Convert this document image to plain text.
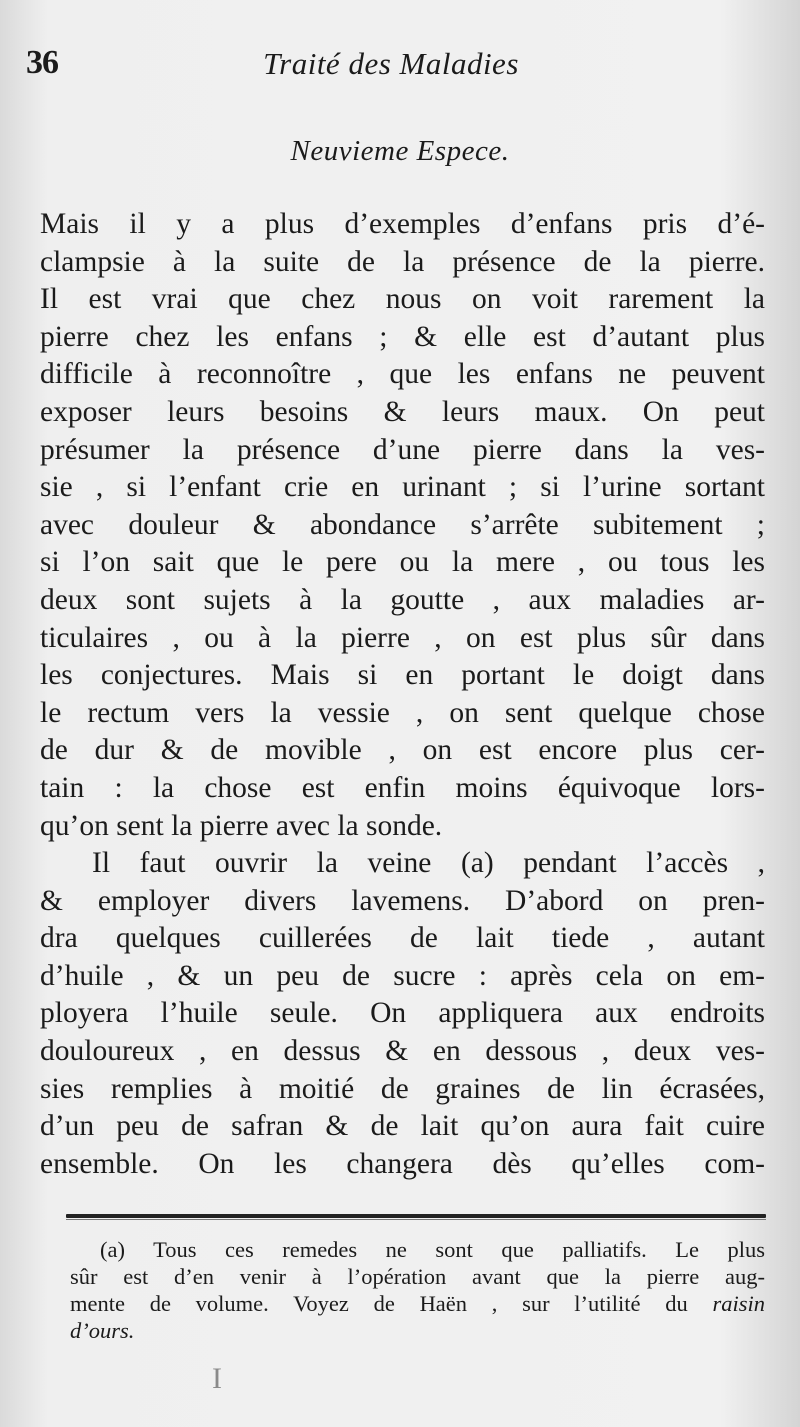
36	Traité des Maladies
Neuvieme Espece.
Mais il y a plus d’exemples d’enfans pris d’é-
clampsie à la suite de la présence de la pierre.
Il est vrai que chez nous on voit rarement la
pierre chez les enfans ; & elle est d’autant plus
difficile à reconnoître , que les enfans ne peuvent
exposer leurs besoins & leurs maux. On peut
présumer la présence d’une pierre dans la ves-
sie , si l’enfant crie en urinant ; si l’urine sortant
avec douleur & abondance s’arrête subitement ;
si l’on sait que le pere ou la mere , ou tous les
deux sont sujets à la goutte , aux maladies ar-
ticulaires , ou à la pierre , on est plus sûr dans
les conjectures. Mais si en portant le doigt dans
le rectum vers la vessie , on sent quelque chose
de dur & de movible , on est encore plus cer-
tain : la chose est enfin moins équivoque lors-
qu’on sent la pierre avec la sonde.
Il faut ouvrir la veine (a) pendant l’accès ,
& employer divers lavemens. D’abord on pren-
dra quelques cuillerées de lait tiede , autant
d’huile , & un peu de sucre : après cela on em-
ployera l’huile seule. On appliquera aux endroits
douloureux , en dessus & en dessous , deux ves-
sies remplies à moitié de graines de lin écrasées,
d’un peu de safran & de lait qu’on aura fait cuire
ensemble. On les changera dès qu’elles com-
(a) Tous ces remedes ne sont que palliatifs. Le plus
sûr est d’en venir à l’opération avant que la pierre aug-
mente de volume. Voyez de Haën , sur l’utilité du raisin
d’ours.
I
